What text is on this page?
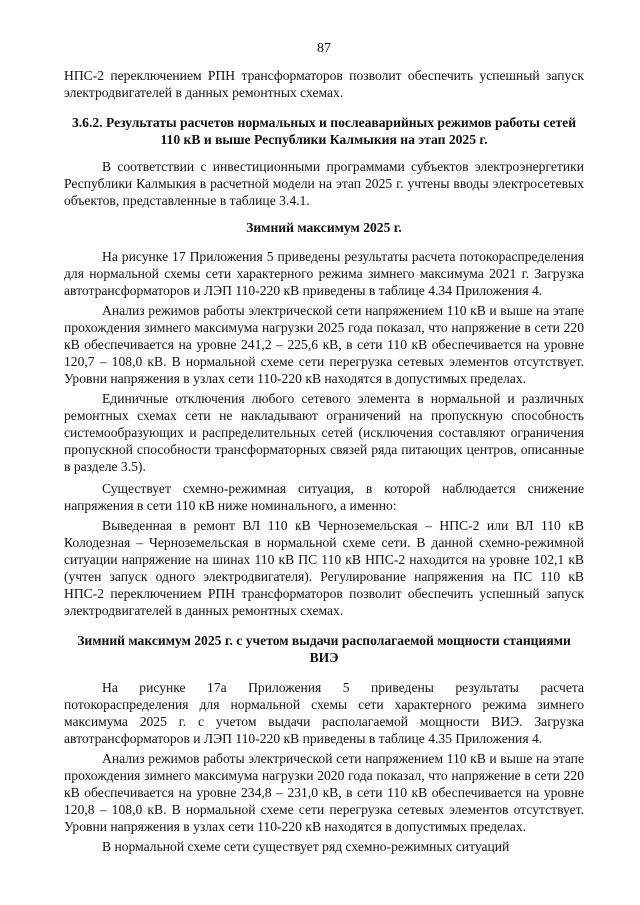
87

НПС-2 переключением РПН трансформаторов позволит обеспечить успешный запуск электродвигателей в данных ремонтных схемах.

3.6.2. Результаты расчетов нормальных и послеаварийных режимов работы сетей 110 кВ и выше Республики Калмыкия на этап 2025 г.

В соответствии с инвестиционными программами субъектов электроэнергетики Республики Калмыкия в расчетной модели на этап 2025 г. учтены вводы электросетевых объектов, представленные в таблице 3.4.1.

Зимний максимум 2025 г.

На рисунке 17 Приложения 5 приведены результаты расчета потокораспределения для нормальной схемы сети характерного режима зимнего максимума 2021 г. Загрузка автотрансформаторов и ЛЭП 110-220 кВ приведены в таблице 4.34 Приложения 4.

Анализ режимов работы электрической сети напряжением 110 кВ и выше на этапе прохождения зимнего максимума нагрузки 2025 года показал, что напряжение в сети 220 кВ обеспечивается на уровне 241,2 – 225,6 кВ, в сети 110 кВ обеспечивается на уровне 120,7 – 108,0 кВ. В нормальной схеме сети перегрузка сетевых элементов отсутствует. Уровни напряжения в узлах сети 110-220 кВ находятся в допустимых пределах.

Единичные отключения любого сетевого элемента в нормальной и различных ремонтных схемах сети не накладывают ограничений на пропускную способность системообразующих и распределительных сетей (исключения составляют ограничения пропускной способности трансформаторных связей ряда питающих центров, описанные в разделе 3.5).

Существует схемно-режимная ситуация, в которой наблюдается снижение напряжения в сети 110 кВ ниже номинального, а именно:

Выведенная в ремонт ВЛ 110 кВ Черноземельская – НПС-2 или ВЛ 110 кВ Колодезная – Черноземельская в нормальной схеме сети. В данной схемно-режимной ситуации напряжение на шинах 110 кВ ПС 110 кВ НПС-2 находится на уровне 102,1 кВ (учтен запуск одного электродвигателя). Регулирование напряжения на ПС 110 кВ НПС-2 переключением РПН трансформаторов позволит обеспечить успешный запуск электродвигателей в данных ремонтных схемах.

Зимний максимум 2025 г. с учетом выдачи располагаемой мощности станциями ВИЭ

На рисунке 17а Приложения 5 приведены результаты расчета потокораспределения для нормальной схемы сети характерного режима зимнего максимума 2025 г. с учетом выдачи располагаемой мощности ВИЭ. Загрузка автотрансформаторов и ЛЭП 110-220 кВ приведены в таблице 4.35 Приложения 4.

Анализ режимов работы электрической сети напряжением 110 кВ и выше на этапе прохождения зимнего максимума нагрузки 2020 года показал, что напряжение в сети 220 кВ обеспечивается на уровне 234,8 – 231,0 кВ, в сети 110 кВ обеспечивается на уровне 120,8 – 108,0 кВ. В нормальной схеме сети перегрузка сетевых элементов отсутствует. Уровни напряжения в узлах сети 110-220 кВ находятся в допустимых пределах.

В нормальной схеме сети существует ряд схемно-режимных ситуаций
